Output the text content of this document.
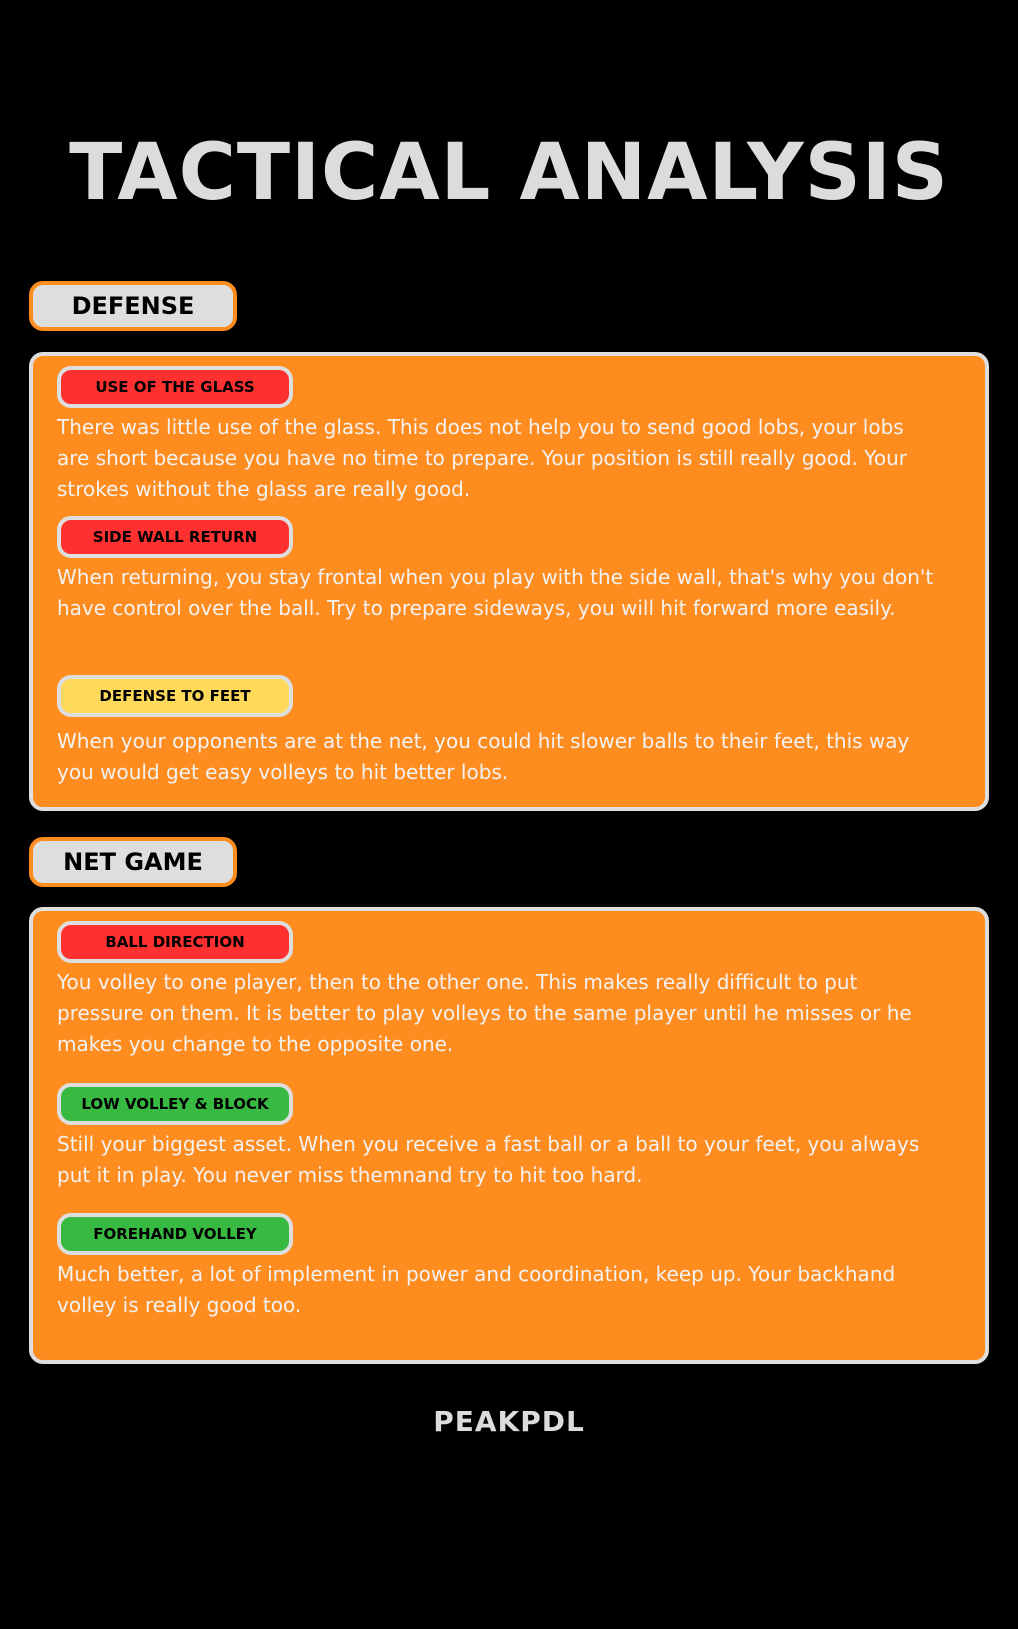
TACTICAL ANALYSIS
DEFENSE
USE OF THE GLASS
There was little use of the glass. This does not help you to send good lobs, your lobs are short because you have no time to prepare. Your position is still really good. Your strokes without the glass are really good.
SIDE WALL RETURN
When returning, you stay frontal when you play with the side wall, that's why you don't have control over the ball. Try to prepare sideways, you will hit forward more easily.
DEFENSE TO FEET
When your opponents are at the net, you could hit slower balls to their feet, this way you would get easy volleys to hit better lobs.
NET GAME
BALL DIRECTION
You volley to one player, then to the other one. This makes really difficult to put pressure on them. It is better to play volleys to the same player until he misses or he makes you change to the opposite one.
LOW VOLLEY & BLOCK
Still your biggest asset. When you receive a fast ball or a ball to your feet, you always put it in play. You never miss themnand try to hit too hard.
FOREHAND VOLLEY
Much better, a lot of implement in power and coordination, keep up. Your backhand volley is really good too.
PEAKPDL
